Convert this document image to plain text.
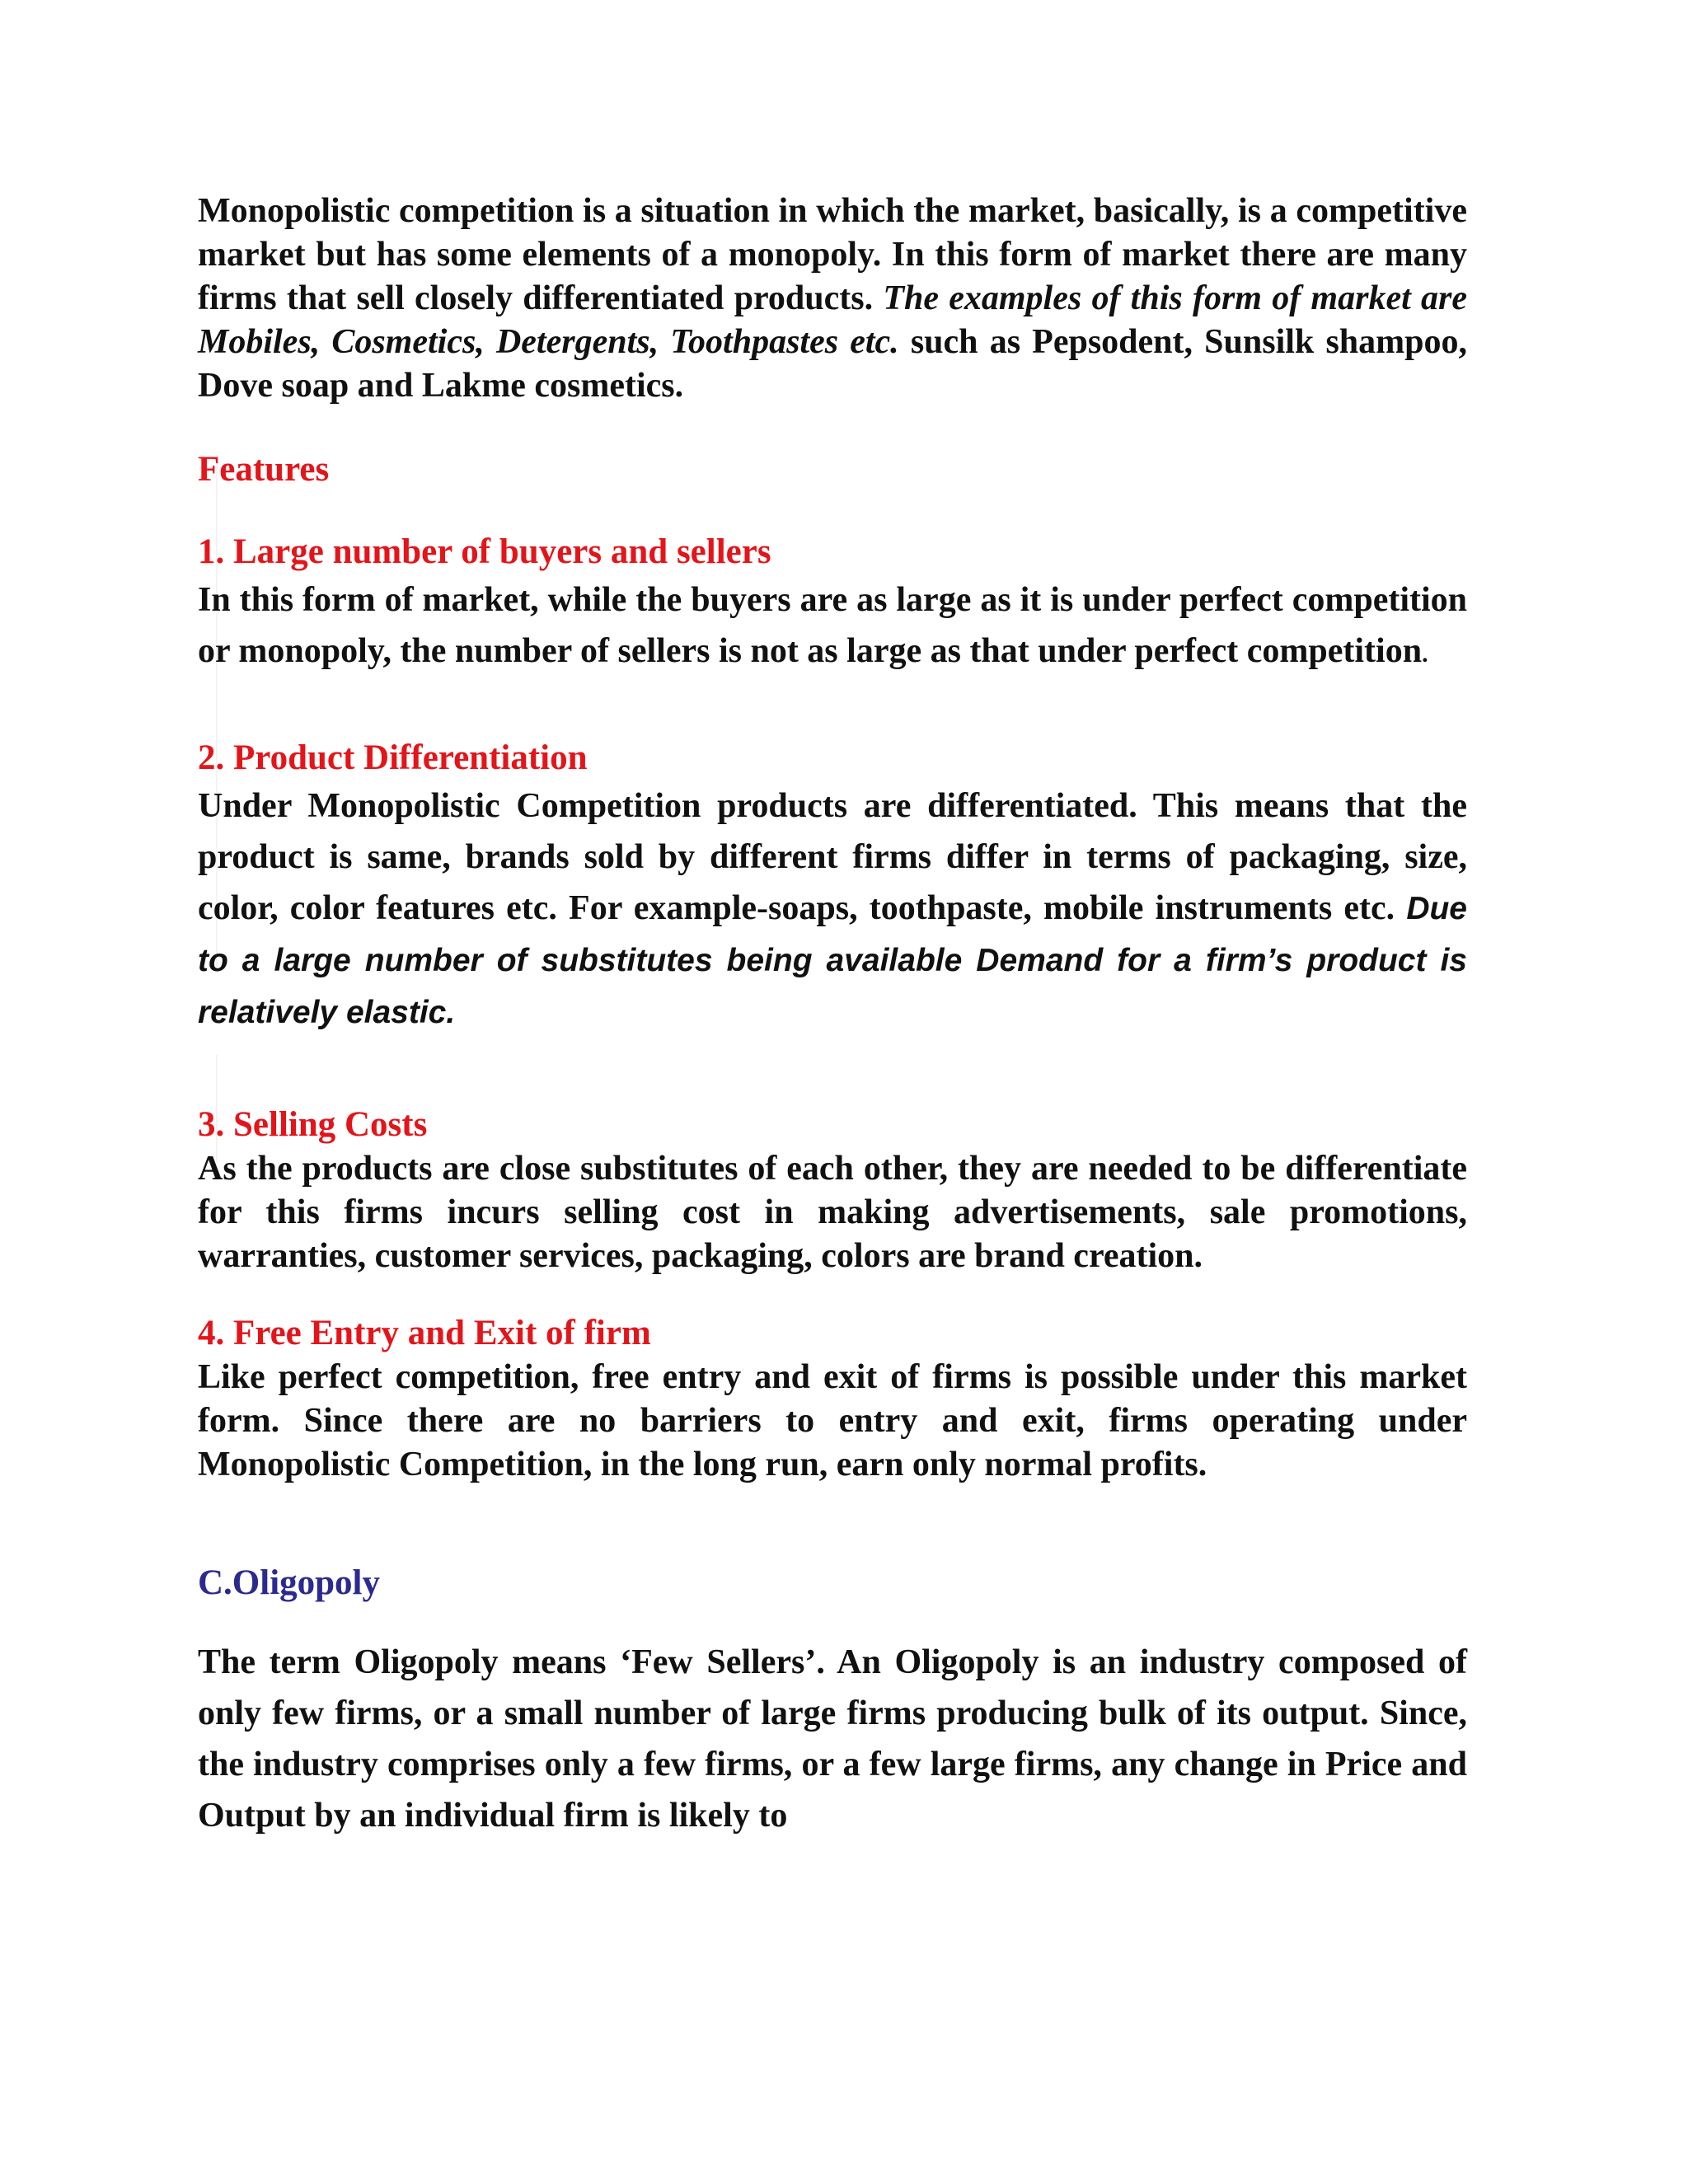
Monopolistic competition is a situation in which the market, basically, is a competitive market but has some elements of a monopoly. In this form of market there are many firms that sell closely differentiated products. The examples of this form of market are Mobiles, Cosmetics, Detergents, Toothpastes etc. such as Pepsodent, Sunsilk shampoo, Dove soap and Lakme cosmetics.

Features
1. Large number of buyers and sellers

In this form of market, while the buyers are as large as it is under perfect competition or monopoly, the number of sellers is not as large as that under perfect competition.

2. Product Differentiation

Under Monopolistic Competition products are differentiated. This means that the product is same, brands sold by different firms differ in terms of packaging, size, color, color features etc. For example-soaps, toothpaste, mobile instruments etc. Due to a large number of substitutes being available Demand for a firm’s product is relatively elastic.

3. Selling Costs

As the products are close substitutes of each other, they are needed to be differentiate for this firms incurs selling cost in making advertisements, sale promotions, warranties, customer services, packaging, colors are brand creation.

4. Free Entry and Exit of firm

Like perfect competition, free entry and exit of firms is possible under this market form. Since there are no barriers to entry and exit, firms operating under Monopolistic Competition, in the long run, earn only normal profits.

C.Oligopoly

The term Oligopoly means ‘Few Sellers’. An Oligopoly is an industry composed of only few firms, or a small number of large firms producing bulk of its output. Since, the industry comprises only a few firms, or a few large firms, any change in Price and Output by an individual firm is likely to
